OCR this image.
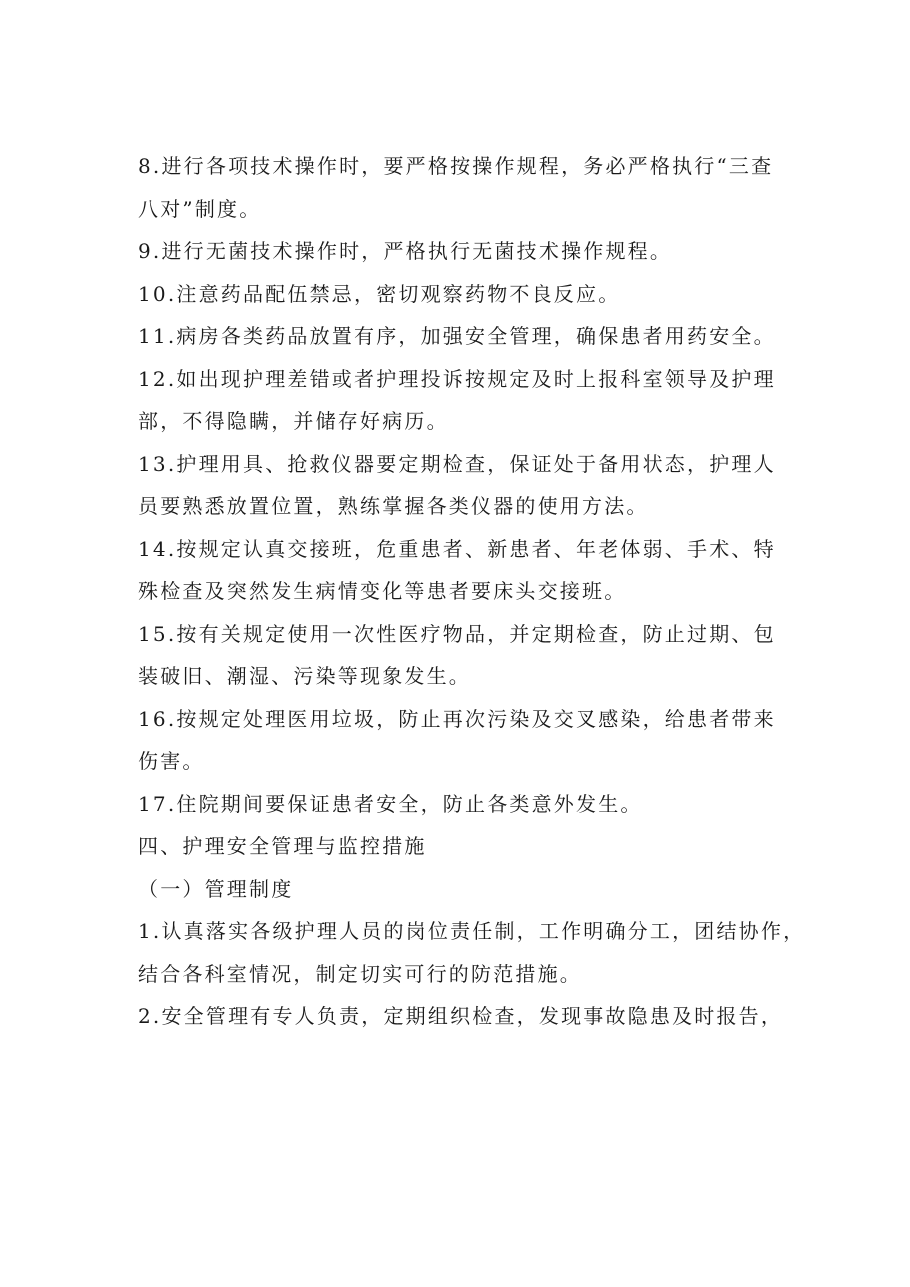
8.进行各项技术操作时，要严格按操作规程，务必严格执行“三查
八对”制度。
9.进行无菌技术操作时，严格执行无菌技术操作规程。
10.注意药品配伍禁忌，密切观察药物不良反应。
11.病房各类药品放置有序，加强安全管理，确保患者用药安全。
12.如出现护理差错或者护理投诉按规定及时上报科室领导及护理
部，不得隐瞒，并储存好病历。
13.护理用具、抢救仪器要定期检查，保证处于备用状态，护理人
员要熟悉放置位置，熟练掌握各类仪器的使用方法。
14.按规定认真交接班，危重患者、新患者、年老体弱、手术、特
殊检查及突然发生病情变化等患者要床头交接班。
15.按有关规定使用一次性医疗物品，并定期检查，防止过期、包
装破旧、潮湿、污染等现象发生。
16.按规定处理医用垃圾，防止再次污染及交叉感染，给患者带来
伤害。
17.住院期间要保证患者安全，防止各类意外发生。
四、护理安全管理与监控措施
（一）管理制度
1.认真落实各级护理人员的岗位责任制，工作明确分工，团结协作，
结合各科室情况，制定切实可行的防范措施。
2.安全管理有专人负责，定期组织检查，发现事故隐患及时报告，
